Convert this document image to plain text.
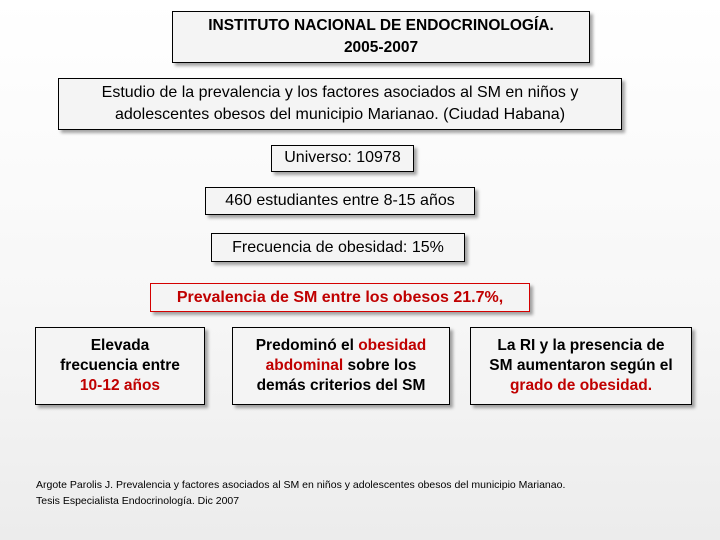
INSTITUTO NACIONAL DE ENDOCRINOLOGÍA.
2005-2007
Estudio de la prevalencia y los factores asociados al SM en niños y
adolescentes obesos del municipio Marianao. (Ciudad Habana)
Universo: 10978
460 estudiantes entre 8-15 años
Frecuencia de obesidad: 15%
Prevalencia de SM entre los obesos 21.7%,
Elevada
frecuencia entre
10-12 años
Predominó el obesidad
abdominal sobre los
demás criterios del SM
La RI y la presencia de
SM aumentaron según el
grado de obesidad.
Argote Parolis J. Prevalencia y factores asociados al SM en niños y adolescentes obesos del municipio Marianao.
Tesis Especialista Endocrinología. Dic 2007
